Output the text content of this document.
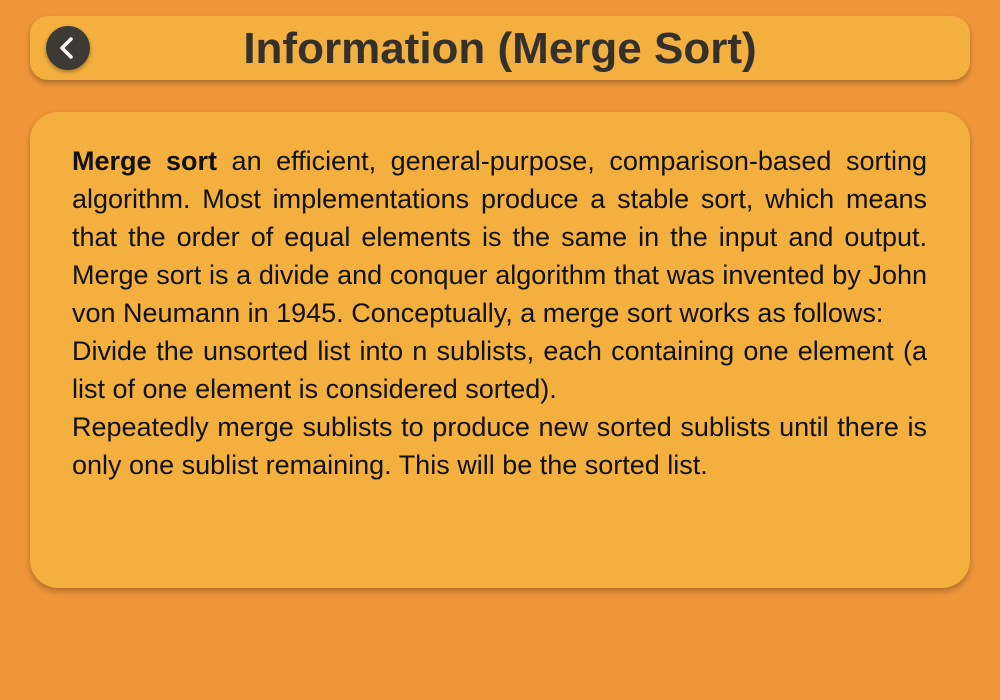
Information (Merge Sort)

Merge sort an efficient, general-purpose, comparison-based sorting algorithm. Most implementations produce a stable sort, which means that the order of equal elements is the same in the input and output. Merge sort is a divide and conquer algorithm that was invented by John von Neumann in 1945. Conceptually, a merge sort works as follows:
Divide the unsorted list into n sublists, each containing one element (a list of one element is considered sorted).
Repeatedly merge sublists to produce new sorted sublists until there is only one sublist remaining. This will be the sorted list.
